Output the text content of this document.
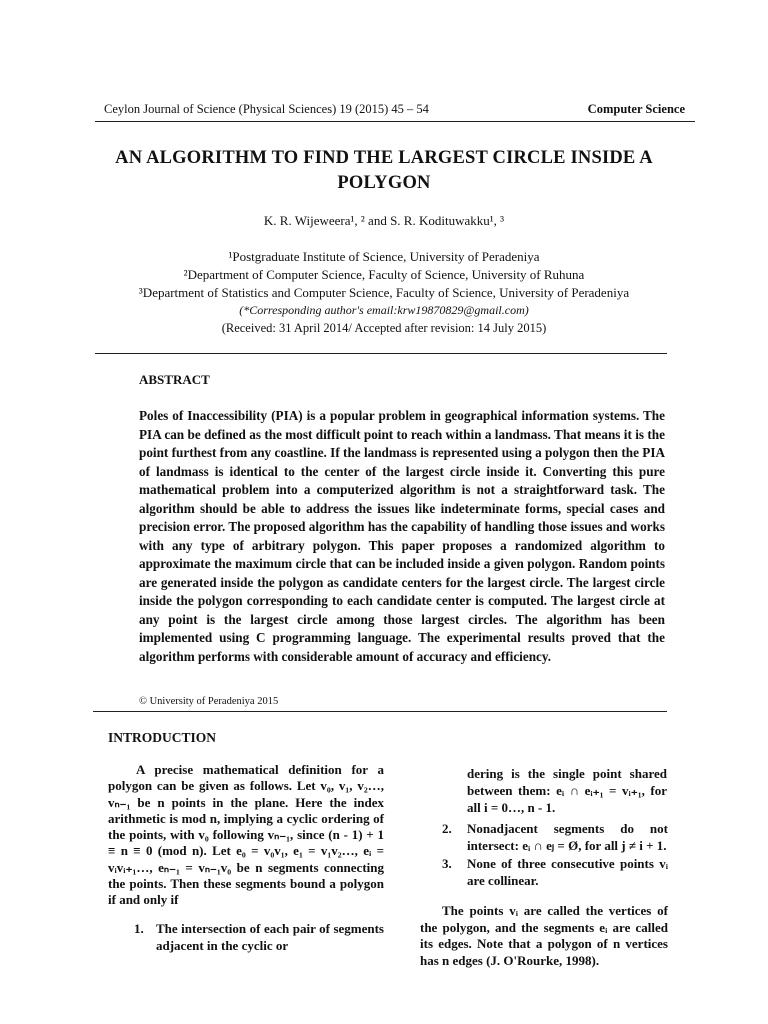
Ceylon Journal of Science (Physical Sciences) 19 (2015) 45 – 54	Computer Science
AN ALGORITHM TO FIND THE LARGEST CIRCLE INSIDE A POLYGON
K. R. Wijeweera¹, ² and S. R. Kodituwakku¹, ³
¹Postgraduate Institute of Science, University of Peradeniya
²Department of Computer Science, Faculty of Science, University of Ruhuna
³Department of Statistics and Computer Science, Faculty of Science, University of Peradeniya
(*Corresponding author's email:krw19870829@gmail.com)
(Received: 31 April 2014/ Accepted after revision: 14 July 2015)
ABSTRACT
Poles of Inaccessibility (PIA) is a popular problem in geographical information systems. The PIA can be defined as the most difficult point to reach within a landmass. That means it is the point furthest from any coastline. If the landmass is represented using a polygon then the PIA of landmass is identical to the center of the largest circle inside it. Converting this pure mathematical problem into a computerized algorithm is not a straightforward task. The algorithm should be able to address the issues like indeterminate forms, special cases and precision error. The proposed algorithm has the capability of handling those issues and works with any type of arbitrary polygon. This paper proposes a randomized algorithm to approximate the maximum circle that can be included inside a given polygon. Random points are generated inside the polygon as candidate centers for the largest circle. The largest circle inside the polygon corresponding to each candidate center is computed. The largest circle at any point is the largest circle among those largest circles. The algorithm has been implemented using C programming language. The experimental results proved that the algorithm performs with considerable amount of accuracy and efficiency.
© University of Peradeniya 2015
INTRODUCTION
A precise mathematical definition for a polygon can be given as follows. Let v₀, v₁, v₂…, vₙ₋₁ be n points in the plane. Here the index arithmetic is mod n, implying a cyclic ordering of the points, with v₀ following vₙ₋₁, since (n - 1) + 1 ≡ n ≡ 0 (mod n). Let e₀ = v₀v₁, e₁ = v₁v₂…, eᵢ = vᵢvᵢ₊₁…, eₙ₋₁ = vₙ₋₁v₀ be n segments connecting the points. Then these segments bound a polygon if and only if
1. The intersection of each pair of segments adjacent in the cyclic or
dering is the single point shared between them: eᵢ ∩ eᵢ₊₁ = vᵢ₊₁, for all i = 0…, n - 1.
2. Nonadjacent segments do not intersect: eᵢ ∩ eⱼ = Ø, for all j ≠ i + 1.
3. None of three consecutive points vᵢ are collinear.
The points vᵢ are called the vertices of the polygon, and the segments eᵢ are called its edges. Note that a polygon of n vertices has n edges (J. O'Rourke, 1998).
